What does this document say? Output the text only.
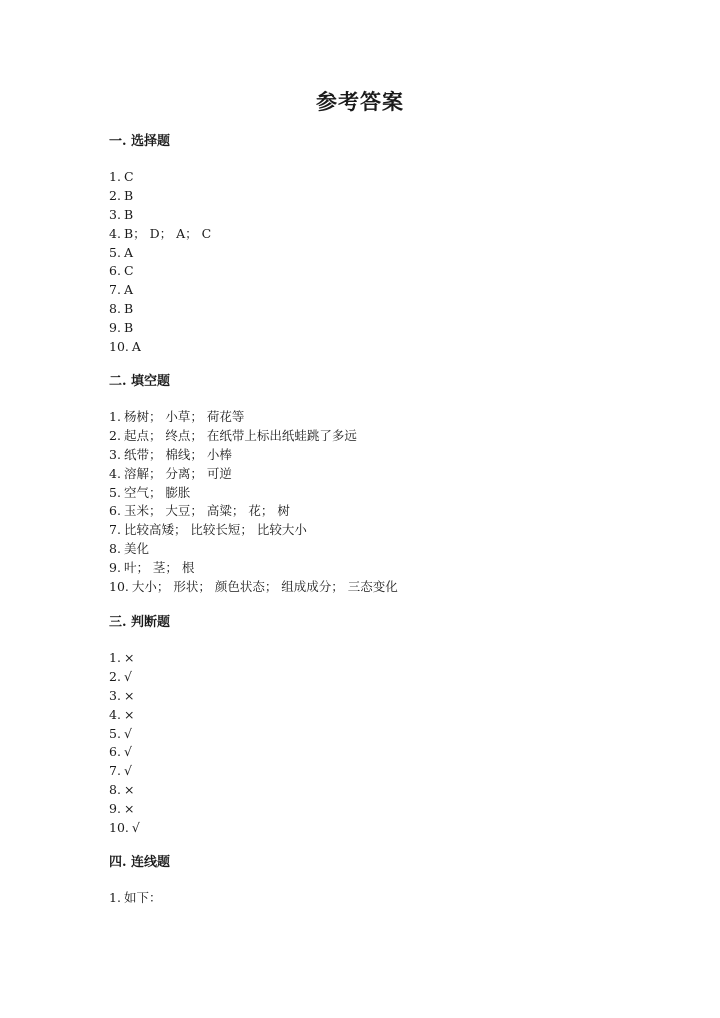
参考答案
一. 选择题
1. C
2. B
3. B
4. B； D； A； C
5. A
6. C
7. A
8. B
9. B
10. A
二. 填空题
1. 杨树； 小草； 荷花等
2. 起点； 终点； 在纸带上标出纸蛙跳了多远
3. 纸带； 棉线； 小棒
4. 溶解； 分离； 可逆
5. 空气； 膨胀
6. 玉米； 大豆； 高粱； 花； 树
7. 比较高矮； 比较长短； 比较大小
8. 美化
9. 叶； 茎； 根
10. 大小； 形状； 颜色状态； 组成成分； 三态变化
三. 判断题
1. ×
2. √
3. ×
4. ×
5. √
6. √
7. √
8. ×
9. ×
10. √
四. 连线题
1. 如下：
